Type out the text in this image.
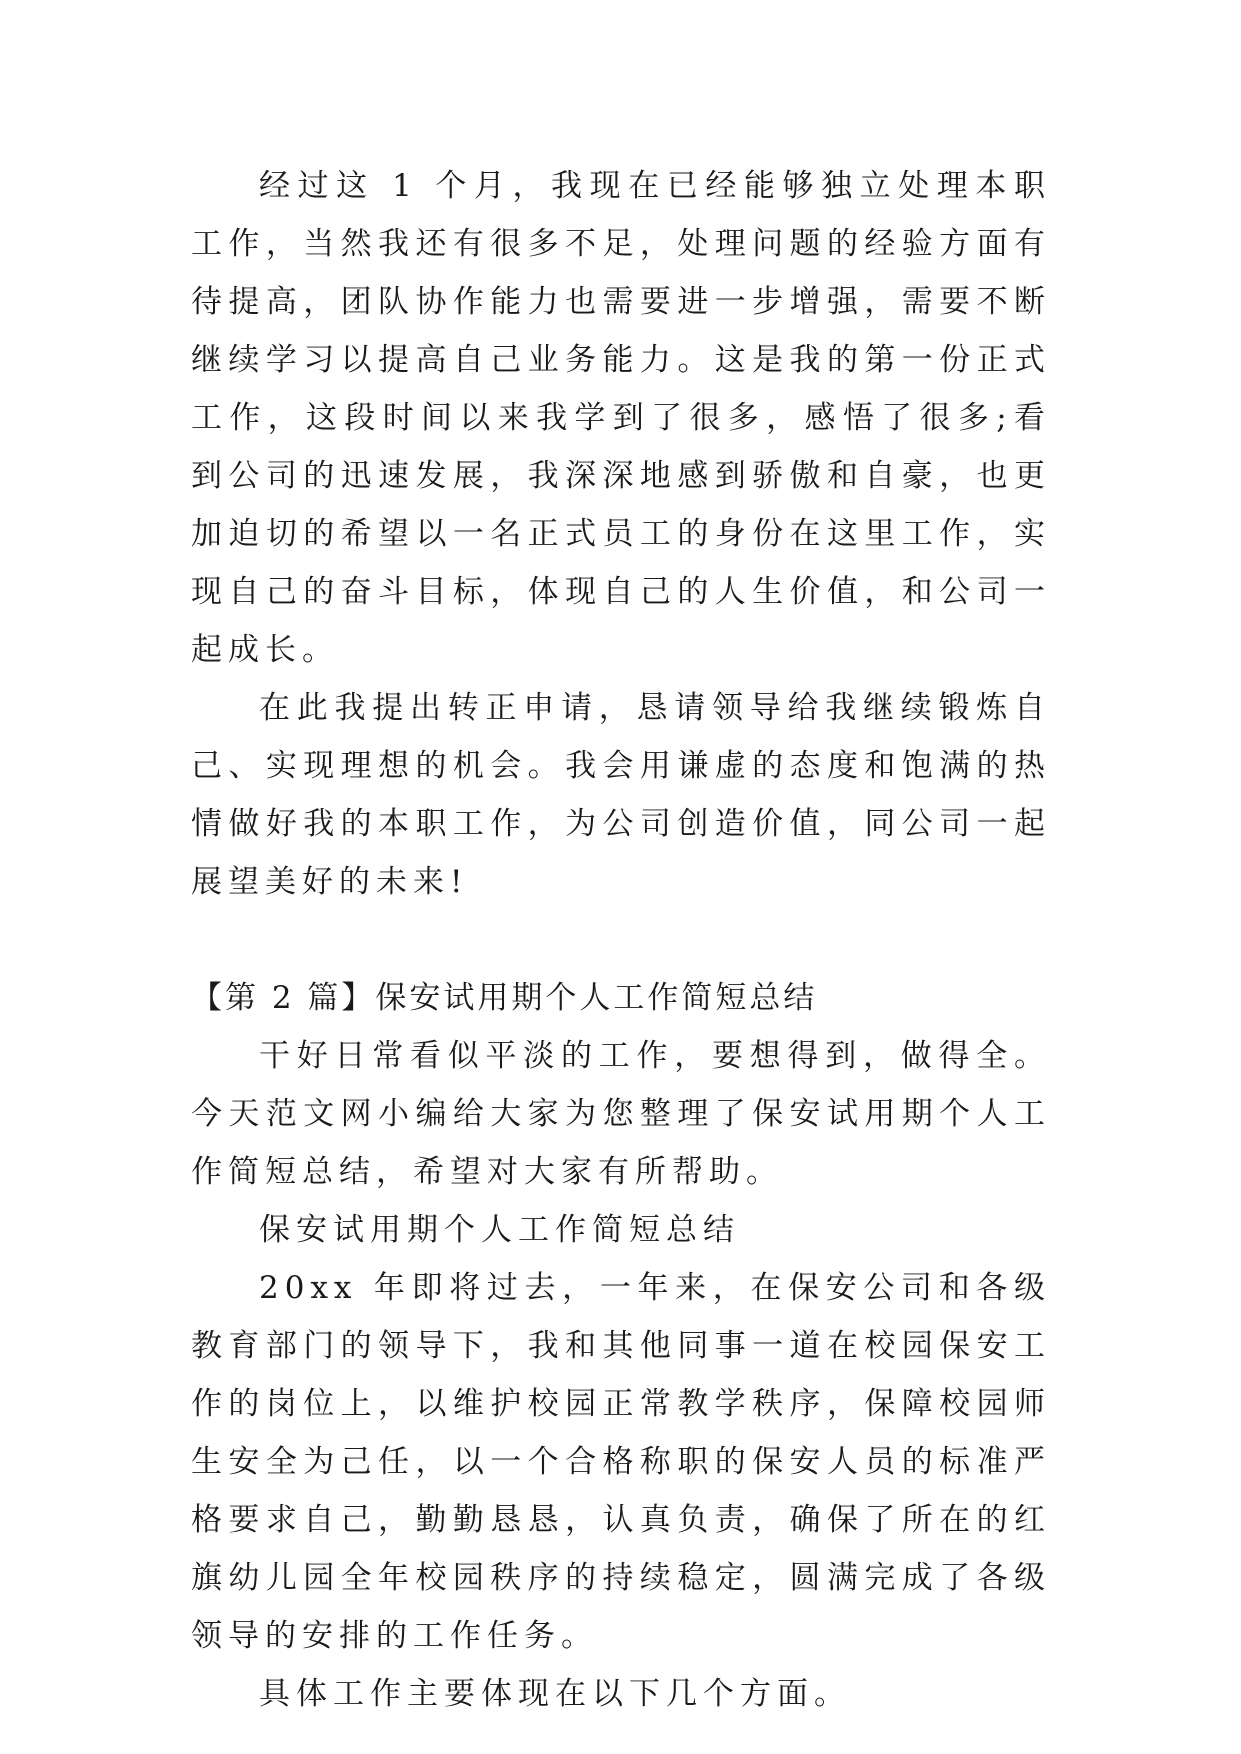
经过这 1 个月，我现在已经能够独立处理本职工作，当然我还有很多不足，处理问题的经验方面有待提高，团队协作能力也需要进一步增强，需要不断继续学习以提高自己业务能力。这是我的第一份正式工作，这段时间以来我学到了很多，感悟了很多;看到公司的迅速发展，我深深地感到骄傲和自豪，也更加迫切的希望以一名正式员工的身份在这里工作，实现自己的奋斗目标，体现自己的人生价值，和公司一起成长。

在此我提出转正申请，恳请领导给我继续锻炼自己、实现理想的机会。我会用谦虚的态度和饱满的热情做好我的本职工作，为公司创造价值，同公司一起展望美好的未来!

【第 2 篇】保安试用期个人工作简短总结

干好日常看似平淡的工作，要想得到，做得全。今天范文网小编给大家为您整理了保安试用期个人工作简短总结，希望对大家有所帮助。

保安试用期个人工作简短总结

20xx 年即将过去，一年来，在保安公司和各级教育部门的领导下，我和其他同事一道在校园保安工作的岗位上，以维护校园正常教学秩序，保障校园师生安全为己任，以一个合格称职的保安人员的标准严格要求自己，勤勤恳恳，认真负责，确保了所在的红旗幼儿园全年校园秩序的持续稳定，圆满完成了各级领导的安排的工作任务。

具体工作主要体现在以下几个方面。
